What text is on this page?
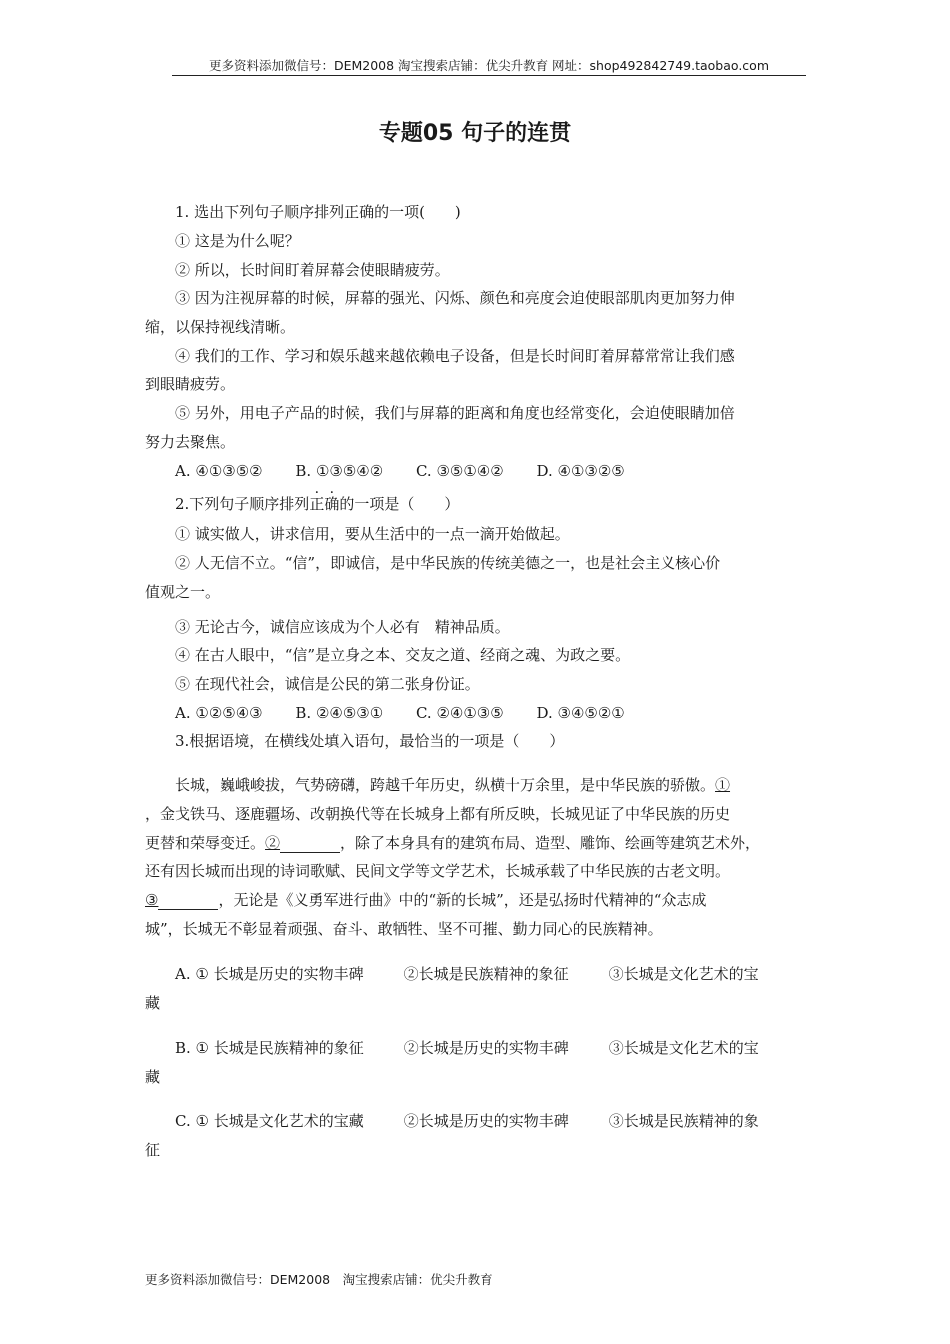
更多资料添加微信号：DEM2008 淘宝搜索店铺：优尖升教育 网址：shop492842749.taobao.com
专题05 句子的连贯
1. 选出下列句子顺序排列正确的一项(　　)
① 这是为什么呢？
② 所以，长时间盯着屏幕会使眼睛疲劳。
③ 因为注视屏幕的时候，屏幕的强光、闪烁、颜色和亮度会迫使眼部肌肉更加努力伸
缩，以保持视线清晰。
④ 我们的工作、学习和娱乐越来越依赖电子设备，但是长时间盯着屏幕常常让我们感
到眼睛疲劳。
⑤ 另外，用电子产品的时候，我们与屏幕的距离和角度也经常变化，会迫使眼睛加倍
努力去聚焦。
A. ④①③⑤② B. ①③⑤④② C. ③⑤①④② D. ④①③②⑤
2.下列句子顺序排列正确的一项是（　　）
① 诚实做人，讲求信用，要从生活中的一点一滴开始做起。
② 人无信不立。“信”，即诚信，是中华民族的传统美德之一，也是社会主义核心价
值观之一。
③ 无论古今，诚信应该成为个人必有　精神品质。
④ 在古人眼中，“信”是立身之本、交友之道、经商之魂、为政之要。
⑤ 在现代社会，诚信是公民的第二张身份证。
A. ①②⑤④③ B. ②④⑤③① C. ②④①③⑤ D. ③④⑤②①
3.根据语境，在横线处填入语句，最恰当的一项是（　　）
长城，巍峨峻拔，气势磅礴，跨越千年历史，纵横十万余里，是中华民族的骄傲。①
，金戈铁马、逐鹿疆场、改朝换代等在长城身上都有所反映，长城见证了中华民族的历史
更替和荣辱变迁。②	，除了本身具有的建筑布局、造型、雕饰、绘画等建筑艺术外，
还有因长城而出现的诗词歌赋、民间文学等文学艺术，长城承载了中华民族的古老文明。
③	，无论是《义勇军进行曲》中的“新的长城”，还是弘扬时代精神的“众志成
城”，长城无不彰显着顽强、奋斗、敢牺牲、坚不可摧、勤力同心的民族精神。
A. ① 长城是历史的实物丰碑	②长城是民族精神的象征	③长城是文化艺术的宝
藏
B. ① 长城是民族精神的象征	②长城是历史的实物丰碑	③长城是文化艺术的宝
藏
C. ① 长城是文化艺术的宝藏	②长城是历史的实物丰碑	③长城是民族精神的象
征
更多资料添加微信号：DEM2008　淘宝搜索店铺：优尖升教育
